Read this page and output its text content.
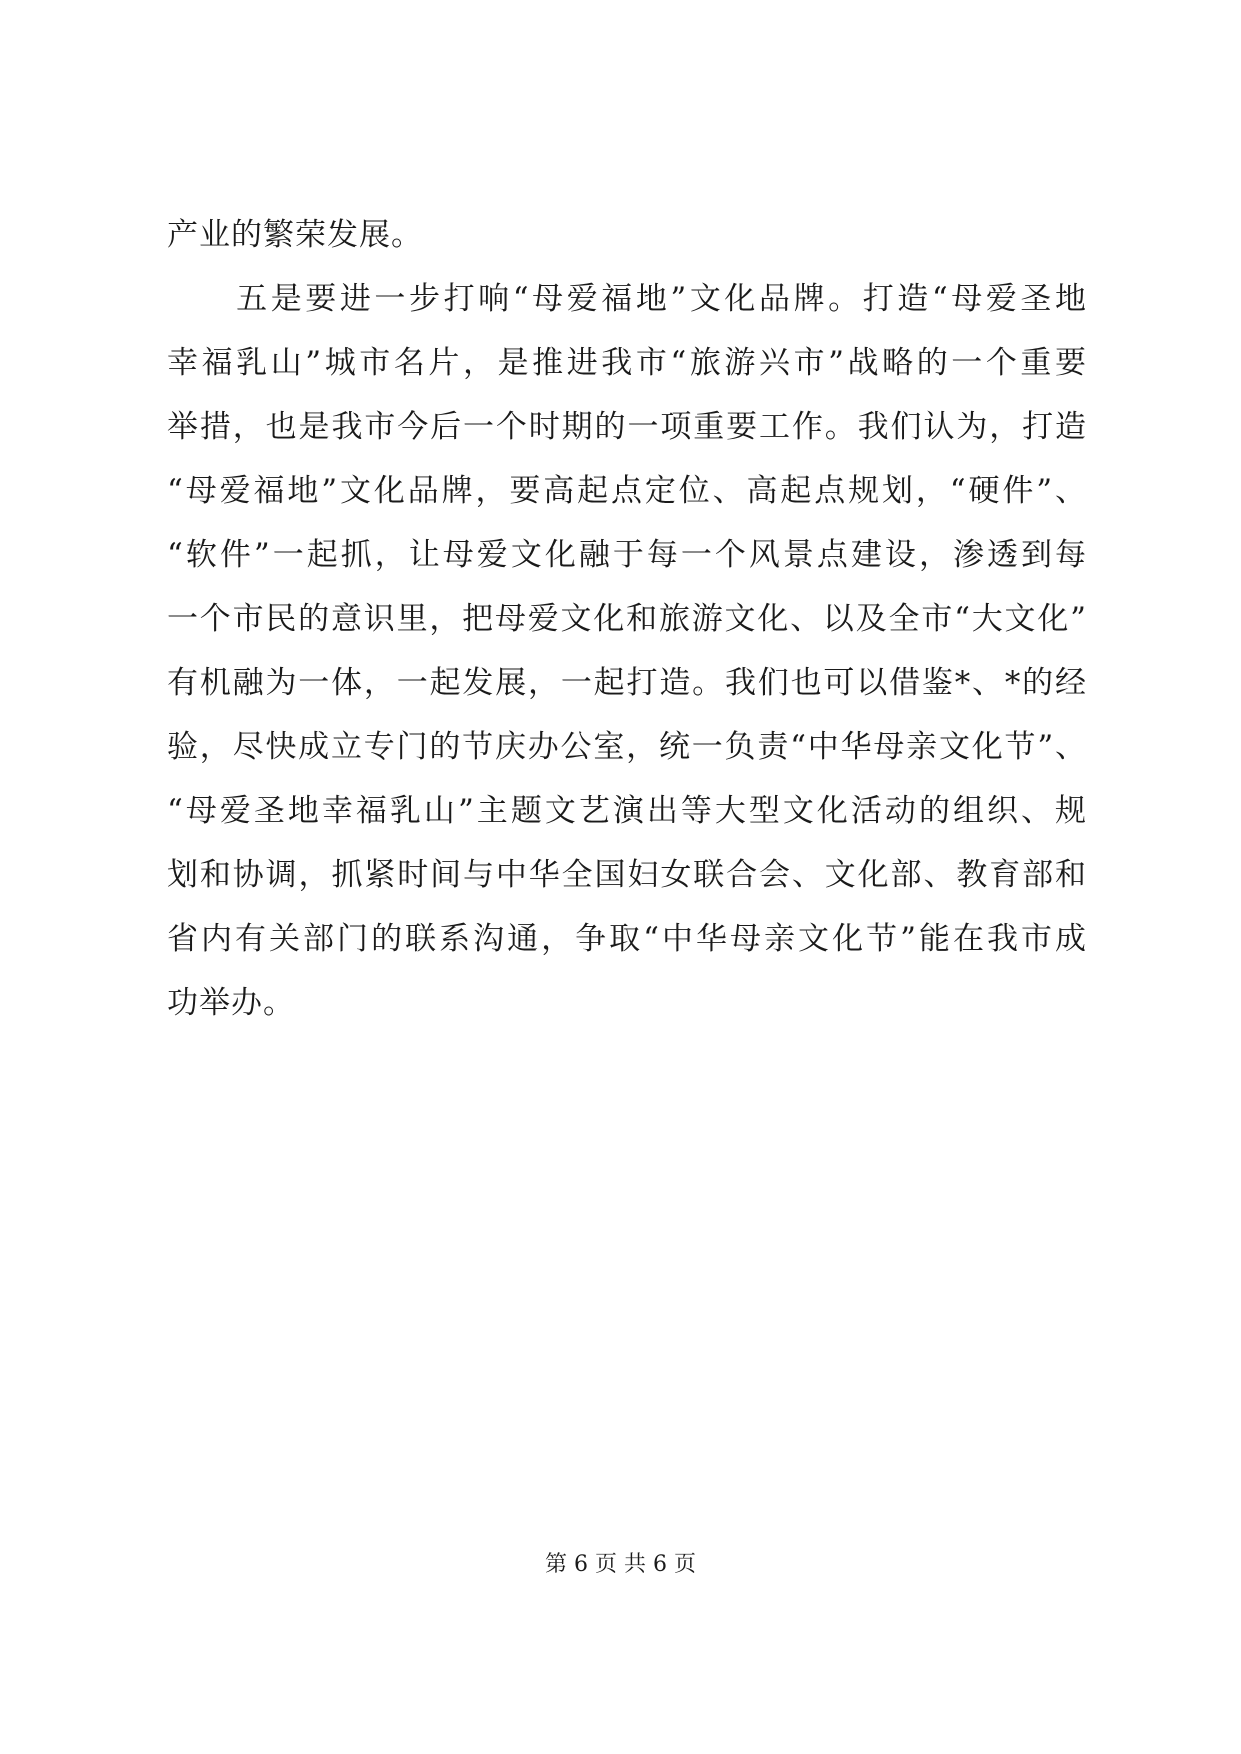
产业的繁荣发展。
　　五是要进一步打响“母爱福地”文化品牌。打造“母爱圣地
幸福乳山”城市名片，是推进我市“旅游兴市”战略的一个重要
举措，也是我市今后一个时期的一项重要工作。我们认为，打造
“母爱福地”文化品牌，要高起点定位、高起点规划，“硬件”、
“软件”一起抓，让母爱文化融于每一个风景点建设，渗透到每
一个市民的意识里，把母爱文化和旅游文化、以及全市“大文化”
有机融为一体，一起发展，一起打造。我们也可以借鉴*、*的经
验，尽快成立专门的节庆办公室，统一负责“中华母亲文化节”、
“母爱圣地幸福乳山”主题文艺演出等大型文化活动的组织、规
划和协调，抓紧时间与中华全国妇女联合会、文化部、教育部和
省内有关部门的联系沟通，争取“中华母亲文化节”能在我市成
功举办。
第 6 页 共 6 页
